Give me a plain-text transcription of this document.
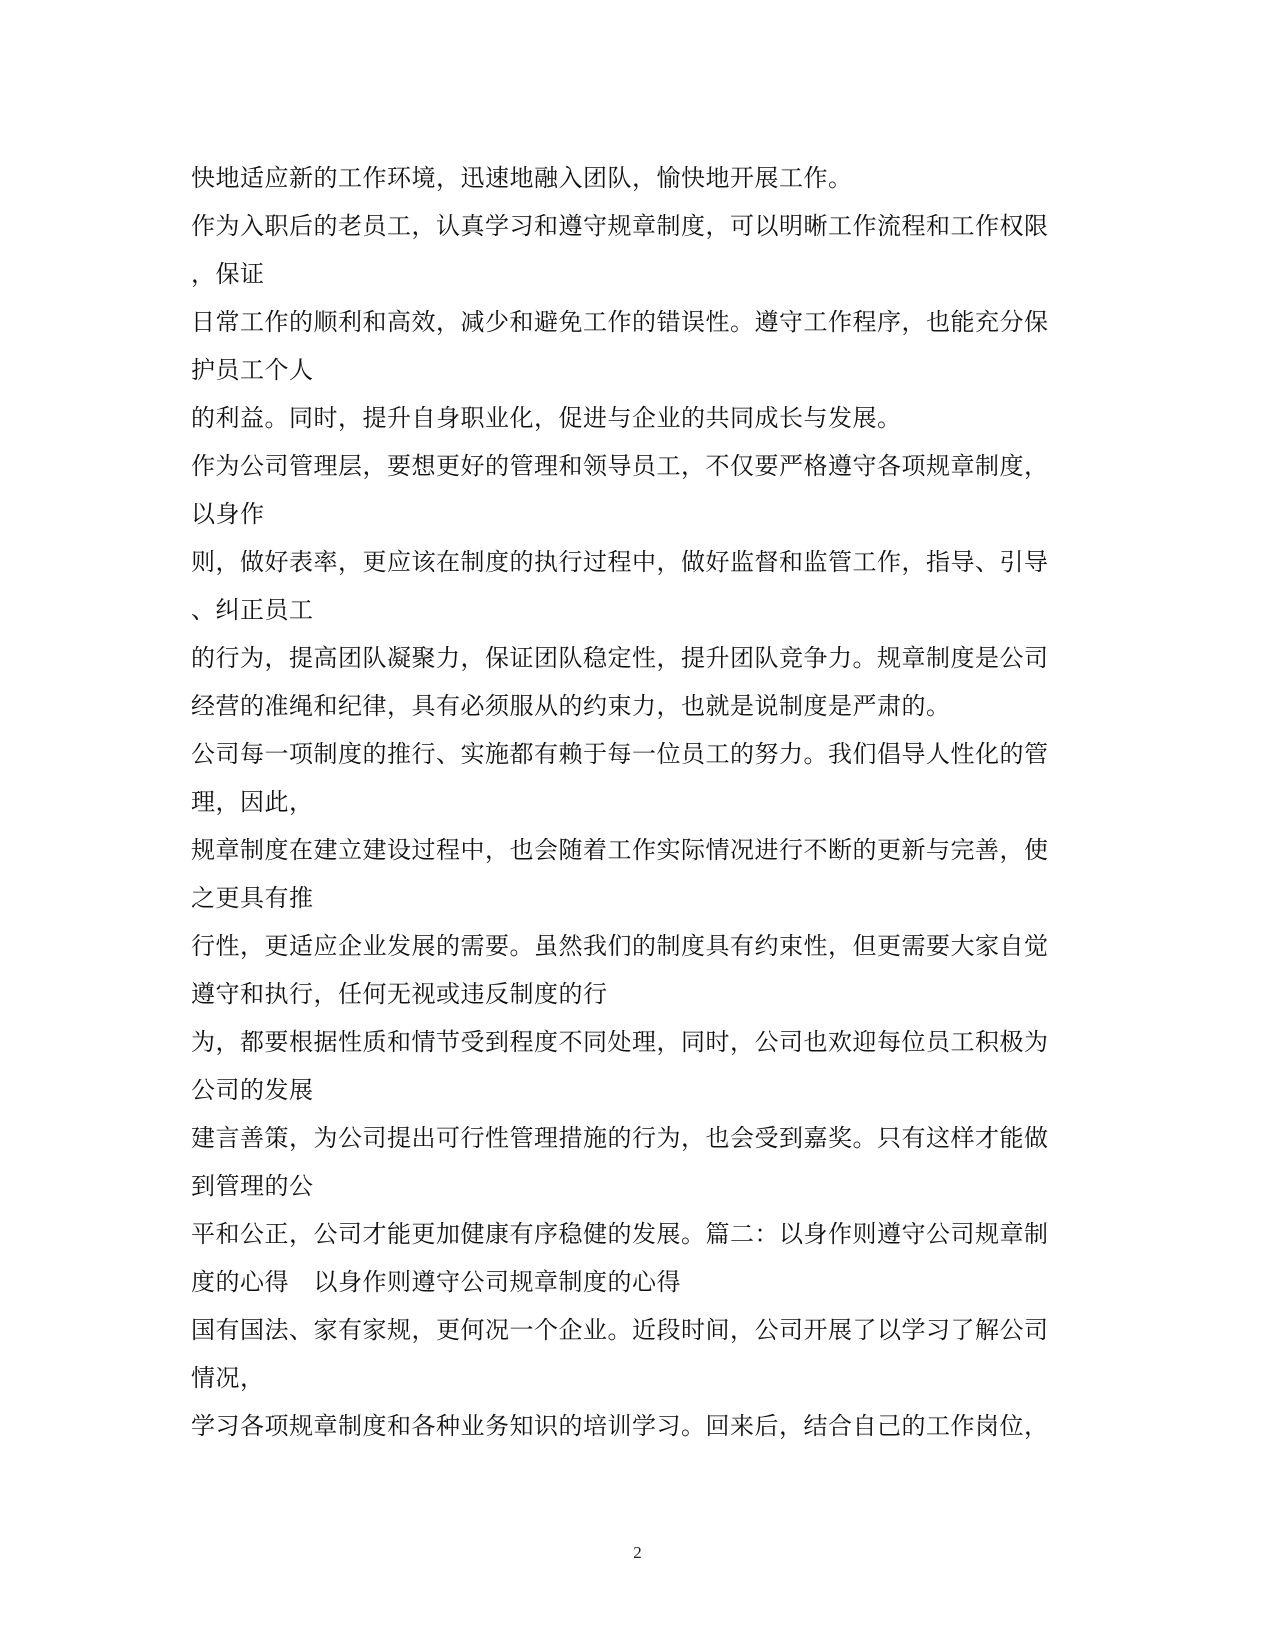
快地适应新的工作环境，迅速地融入团队，愉快地开展工作。
作为入职后的老员工，认真学习和遵守规章制度，可以明晰工作流程和工作权限
，保证
日常工作的顺利和高效，减少和避免工作的错误性。遵守工作程序，也能充分保
护员工个人
的利益。同时，提升自身职业化，促进与企业的共同成长与发展。
作为公司管理层，要想更好的管理和领导员工，不仅要严格遵守各项规章制度，
以身作
则，做好表率，更应该在制度的执行过程中，做好监督和监管工作，指导、引导
、纠正员工
的行为，提高团队凝聚力，保证团队稳定性，提升团队竞争力。规章制度是公司
经营的准绳和纪律，具有必须服从的约束力，也就是说制度是严肃的。
公司每一项制度的推行、实施都有赖于每一位员工的努力。我们倡导人性化的管
理，因此，
规章制度在建立建设过程中，也会随着工作实际情况进行不断的更新与完善，使
之更具有推
行性，更适应企业发展的需要。虽然我们的制度具有约束性，但更需要大家自觉
遵守和执行，任何无视或违反制度的行
为，都要根据性质和情节受到程度不同处理，同时，公司也欢迎每位员工积极为
公司的发展
建言善策，为公司提出可行性管理措施的行为，也会受到嘉奖。只有这样才能做
到管理的公
平和公正，公司才能更加健康有序稳健的发展。篇二：以身作则遵守公司规章制
度的心得　以身作则遵守公司规章制度的心得
国有国法、家有家规，更何况一个企业。近段时间，公司开展了以学习了解公司
情况，
学习各项规章制度和各种业务知识的培训学习。回来后，结合自己的工作岗位，
2
